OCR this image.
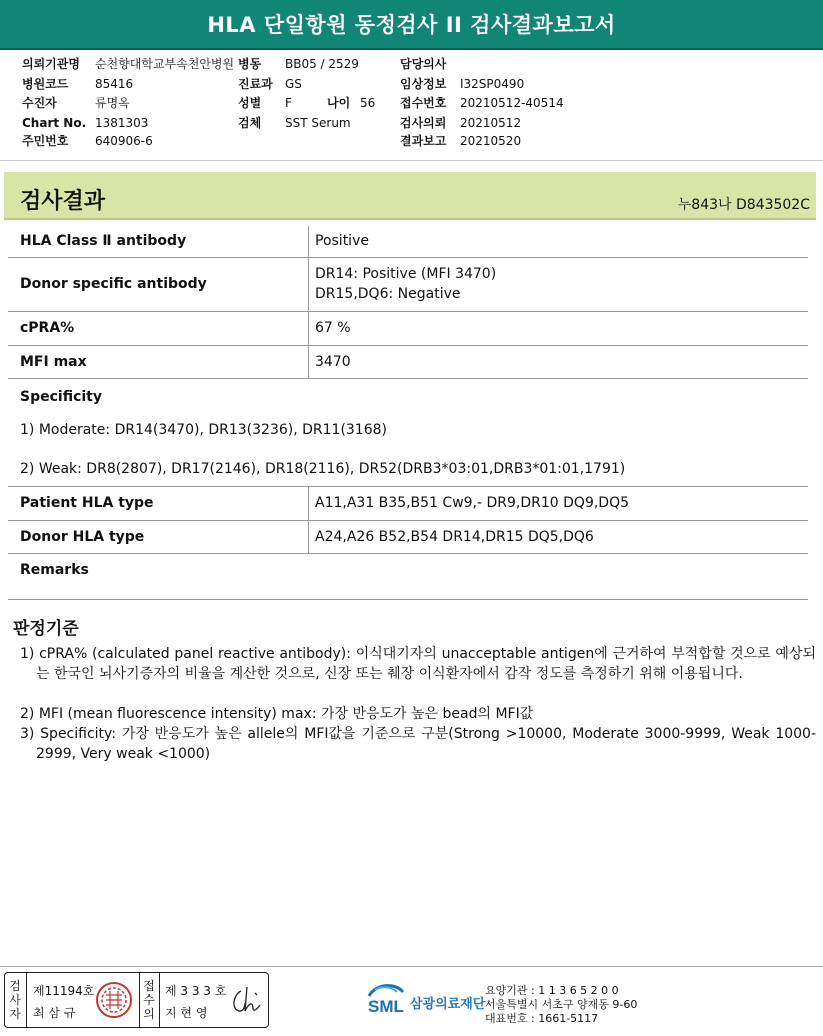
HLA 단일항원 동정검사 II 검사결과보고서
의뢰기관명 순천향대학교부속천안병원 병동 BB05 / 2529	담당의사
병원코드 85416	진료과 GS	임상정보 I32SP0490
수진자	류명옥	성별 F	나이 56 접수번호 20210512-40514
Chart No. 1381303	검체 SST Serum	검사의뢰 20210512
주민번호 640906-6	결과보고 20210520
검사결과	누843나 D843502C
HLA Class Ⅱ antibody	Positive
Donor specific antibody
DR14: Positive (MFI 3470)
DR15,DQ6: Negative
cPRA%	67 %
MFI max	3470
Specificity
1) Moderate: DR14(3470), DR13(3236), DR11(3168)
2) Weak: DR8(2807), DR17(2146), DR18(2116), DR52(DRB3*03:01,DRB3*01:01,1791)
Patient HLA type	A11,A31 B35,B51 Cw9,- DR9,DR10 DQ9,DQ5
Donor HLA type	A24,A26 B52,B54 DR14,DR15 DQ5,DQ6
Remarks
판정기준
1) cPRA% (calculated panel reactive antibody): 이식대기자의 unacceptable antigen에 근거하여 부적합할 것으로 예상되는 한국인 뇌사기증자의 비율을 계산한 것으로, 신장 또는 췌장 이식환자에서 감작 정도를 측정하기 위해 이용됩니다.
2) MFI (mean fluorescence intensity) max: 가장 반응도가 높은 bead의 MFI값
3) Specificity: 가장 반응도가 높은 allele의 MFI값을 기준으로 구분(Strong >10000, Moderate 3000-9999, Weak 1000-2999, Very weak <1000)
검사자
제11194호
최 삼 규
접수의
제 3 3 3 호
지 현 영	SML 삼광의료재단
요양기관 : 1 1 3 6 5 2 0 0
서울특별시 서초구 양재동 9-60
대표번호 : 1661-5117
